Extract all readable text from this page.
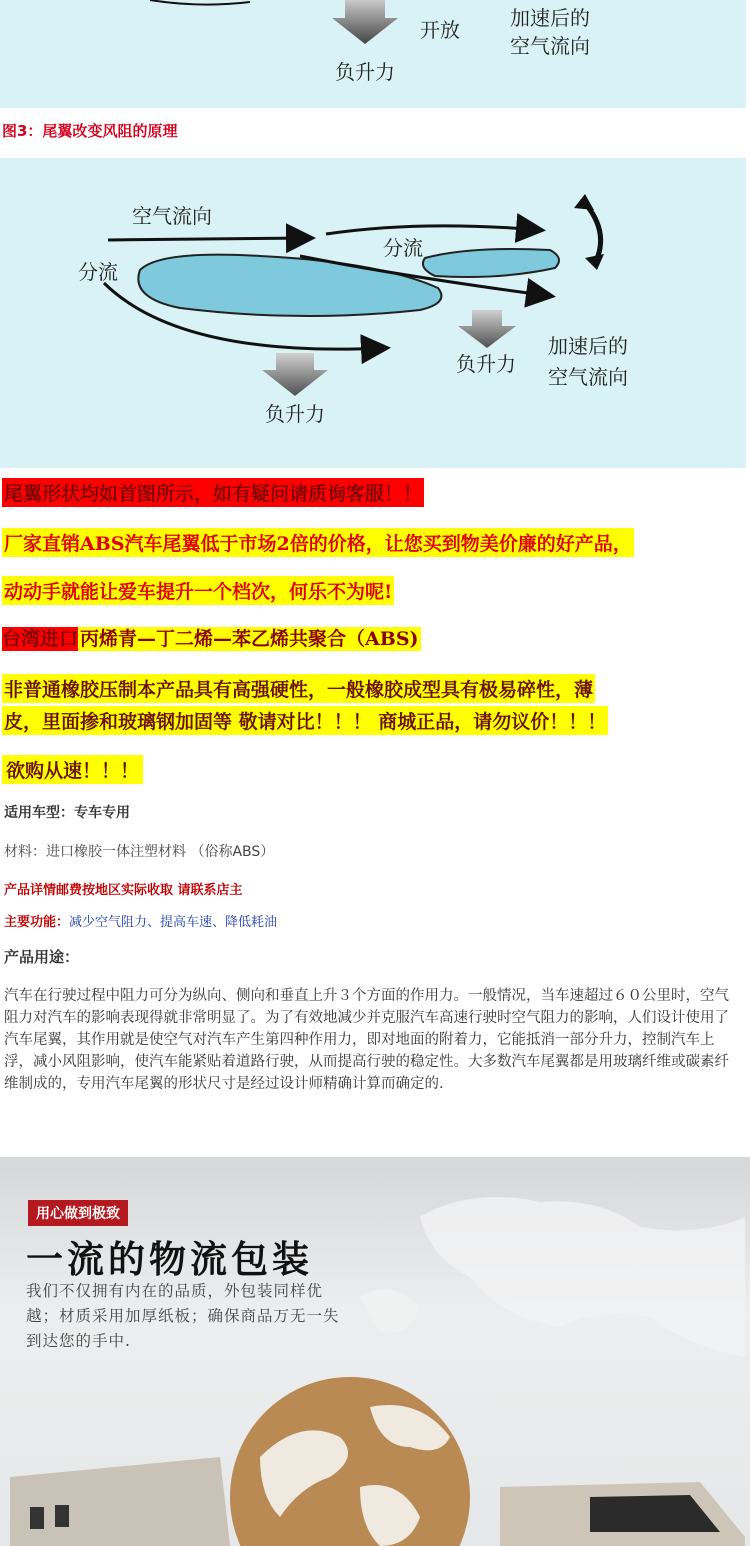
开放	加速后的
空气流向
负升力
图3：尾翼改变风阻的原理
空气流向
分流
分流
加速后的
空气流向
负升力
负升力
尾翼形状均如首图所示，如有疑问请质询客服！！
厂家直销ABS汽车尾翼低于市场2倍的价格，让您买到物美价廉的好产品，
动动手就能让爱车提升一个档次，何乐不为呢!
台湾进口 丙烯青—丁二烯—苯乙烯共聚合（ABS)
非普通橡胶压制本产品具有高强硬性，一般橡胶成型具有极易碎性，薄
皮，里面掺和玻璃钢加固等 敬请对比！！！ 商城正品，请勿议价！！！
欲购从速！！！
适用车型：专车专用
材料：进口橡胶一体注塑材料 （俗称ABS）
产品详情邮费按地区实际收取 请联系店主
主要功能：减少空气阻力、提高车速、降低耗油
产品用途：
汽车在行驶过程中阻力可分为纵向、侧向和垂直上升３个方面的作用力。一般情况，当车速超过６０公里时，空气阻力对汽车的影响表现得就非常明显了。为了有效地减少并克服汽车高速行驶时空气阻力的影响，人们设计使用了汽车尾翼，其作用就是使空气对汽车产生第四种作用力，即对地面的附着力，它能抵消一部分升力，控制汽车上浮，减小风阻影响，使汽车能紧贴着道路行驶，从而提高行驶的稳定性。大多数汽车尾翼都是用玻璃纤维或碳素纤维制成的，专用汽车尾翼的形状尺寸是经过设计师精确计算而确定的.
用心做到极致
一流的物流包装
我们不仅拥有内在的品质，外包装同样优越；材质采用加厚纸板；确保商品万无一失到达您的手中.
